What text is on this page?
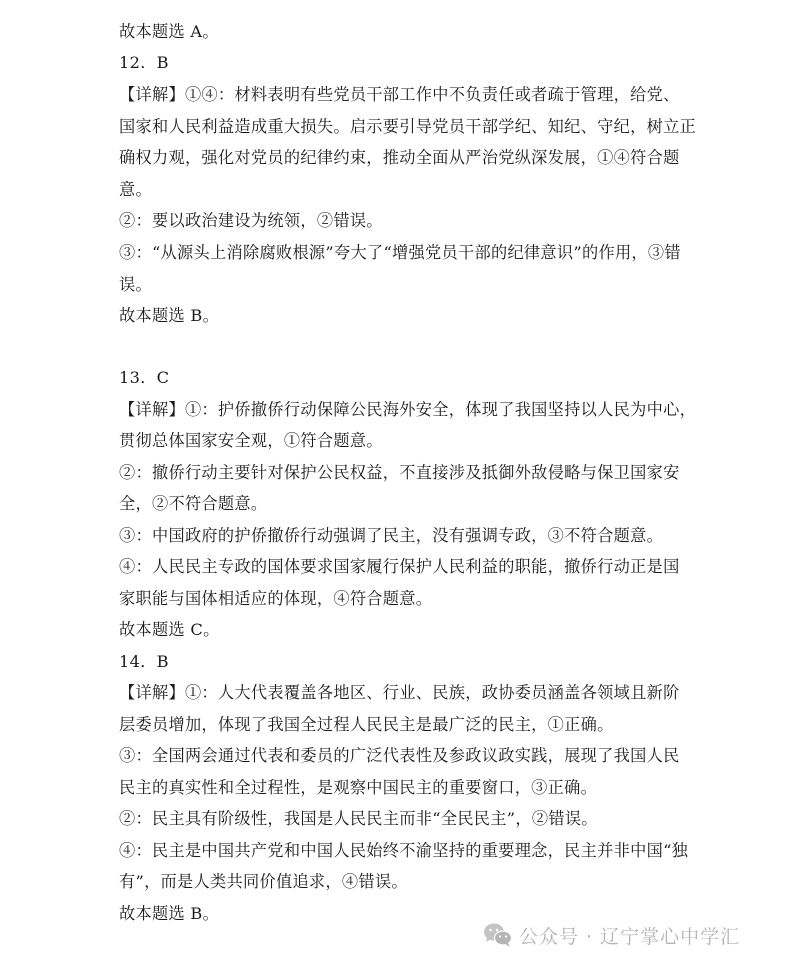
故本题选 A。
12．B
【详解】①④：材料表明有些党员干部工作中不负责任或者疏于管理，给党、
国家和人民利益造成重大损失。启示要引导党员干部学纪、知纪、守纪，树立正
确权力观，强化对党员的纪律约束，推动全面从严治党纵深发展，①④符合题
意。
②：要以政治建设为统领，②错误。
③：“从源头上消除腐败根源”夸大了“增强党员干部的纪律意识”的作用，③错
误。
故本题选 B。
13．C
【详解】①：护侨撤侨行动保障公民海外安全，体现了我国坚持以人民为中心，
贯彻总体国家安全观，①符合题意。
②：撤侨行动主要针对保护公民权益，不直接涉及抵御外敌侵略与保卫国家安
全，②不符合题意。
③：中国政府的护侨撤侨行动强调了民主，没有强调专政，③不符合题意。
④：人民民主专政的国体要求国家履行保护人民利益的职能，撤侨行动正是国
家职能与国体相适应的体现，④符合题意。
故本题选 C。
14．B
【详解】①：人大代表覆盖各地区、行业、民族，政协委员涵盖各领域且新阶
层委员增加，体现了我国全过程人民民主是最广泛的民主，①正确。
③：全国两会通过代表和委员的广泛代表性及参政议政实践，展现了我国人民
民主的真实性和全过程性，是观察中国民主的重要窗口，③正确。
②：民主具有阶级性，我国是人民民主而非“全民民主”，②错误。
④：民主是中国共产党和中国人民始终不渝坚持的重要理念，民主并非中国“独
有”，而是人类共同价值追求，④错误。
故本题选 B。
公众号 · 辽宁掌心中学汇
